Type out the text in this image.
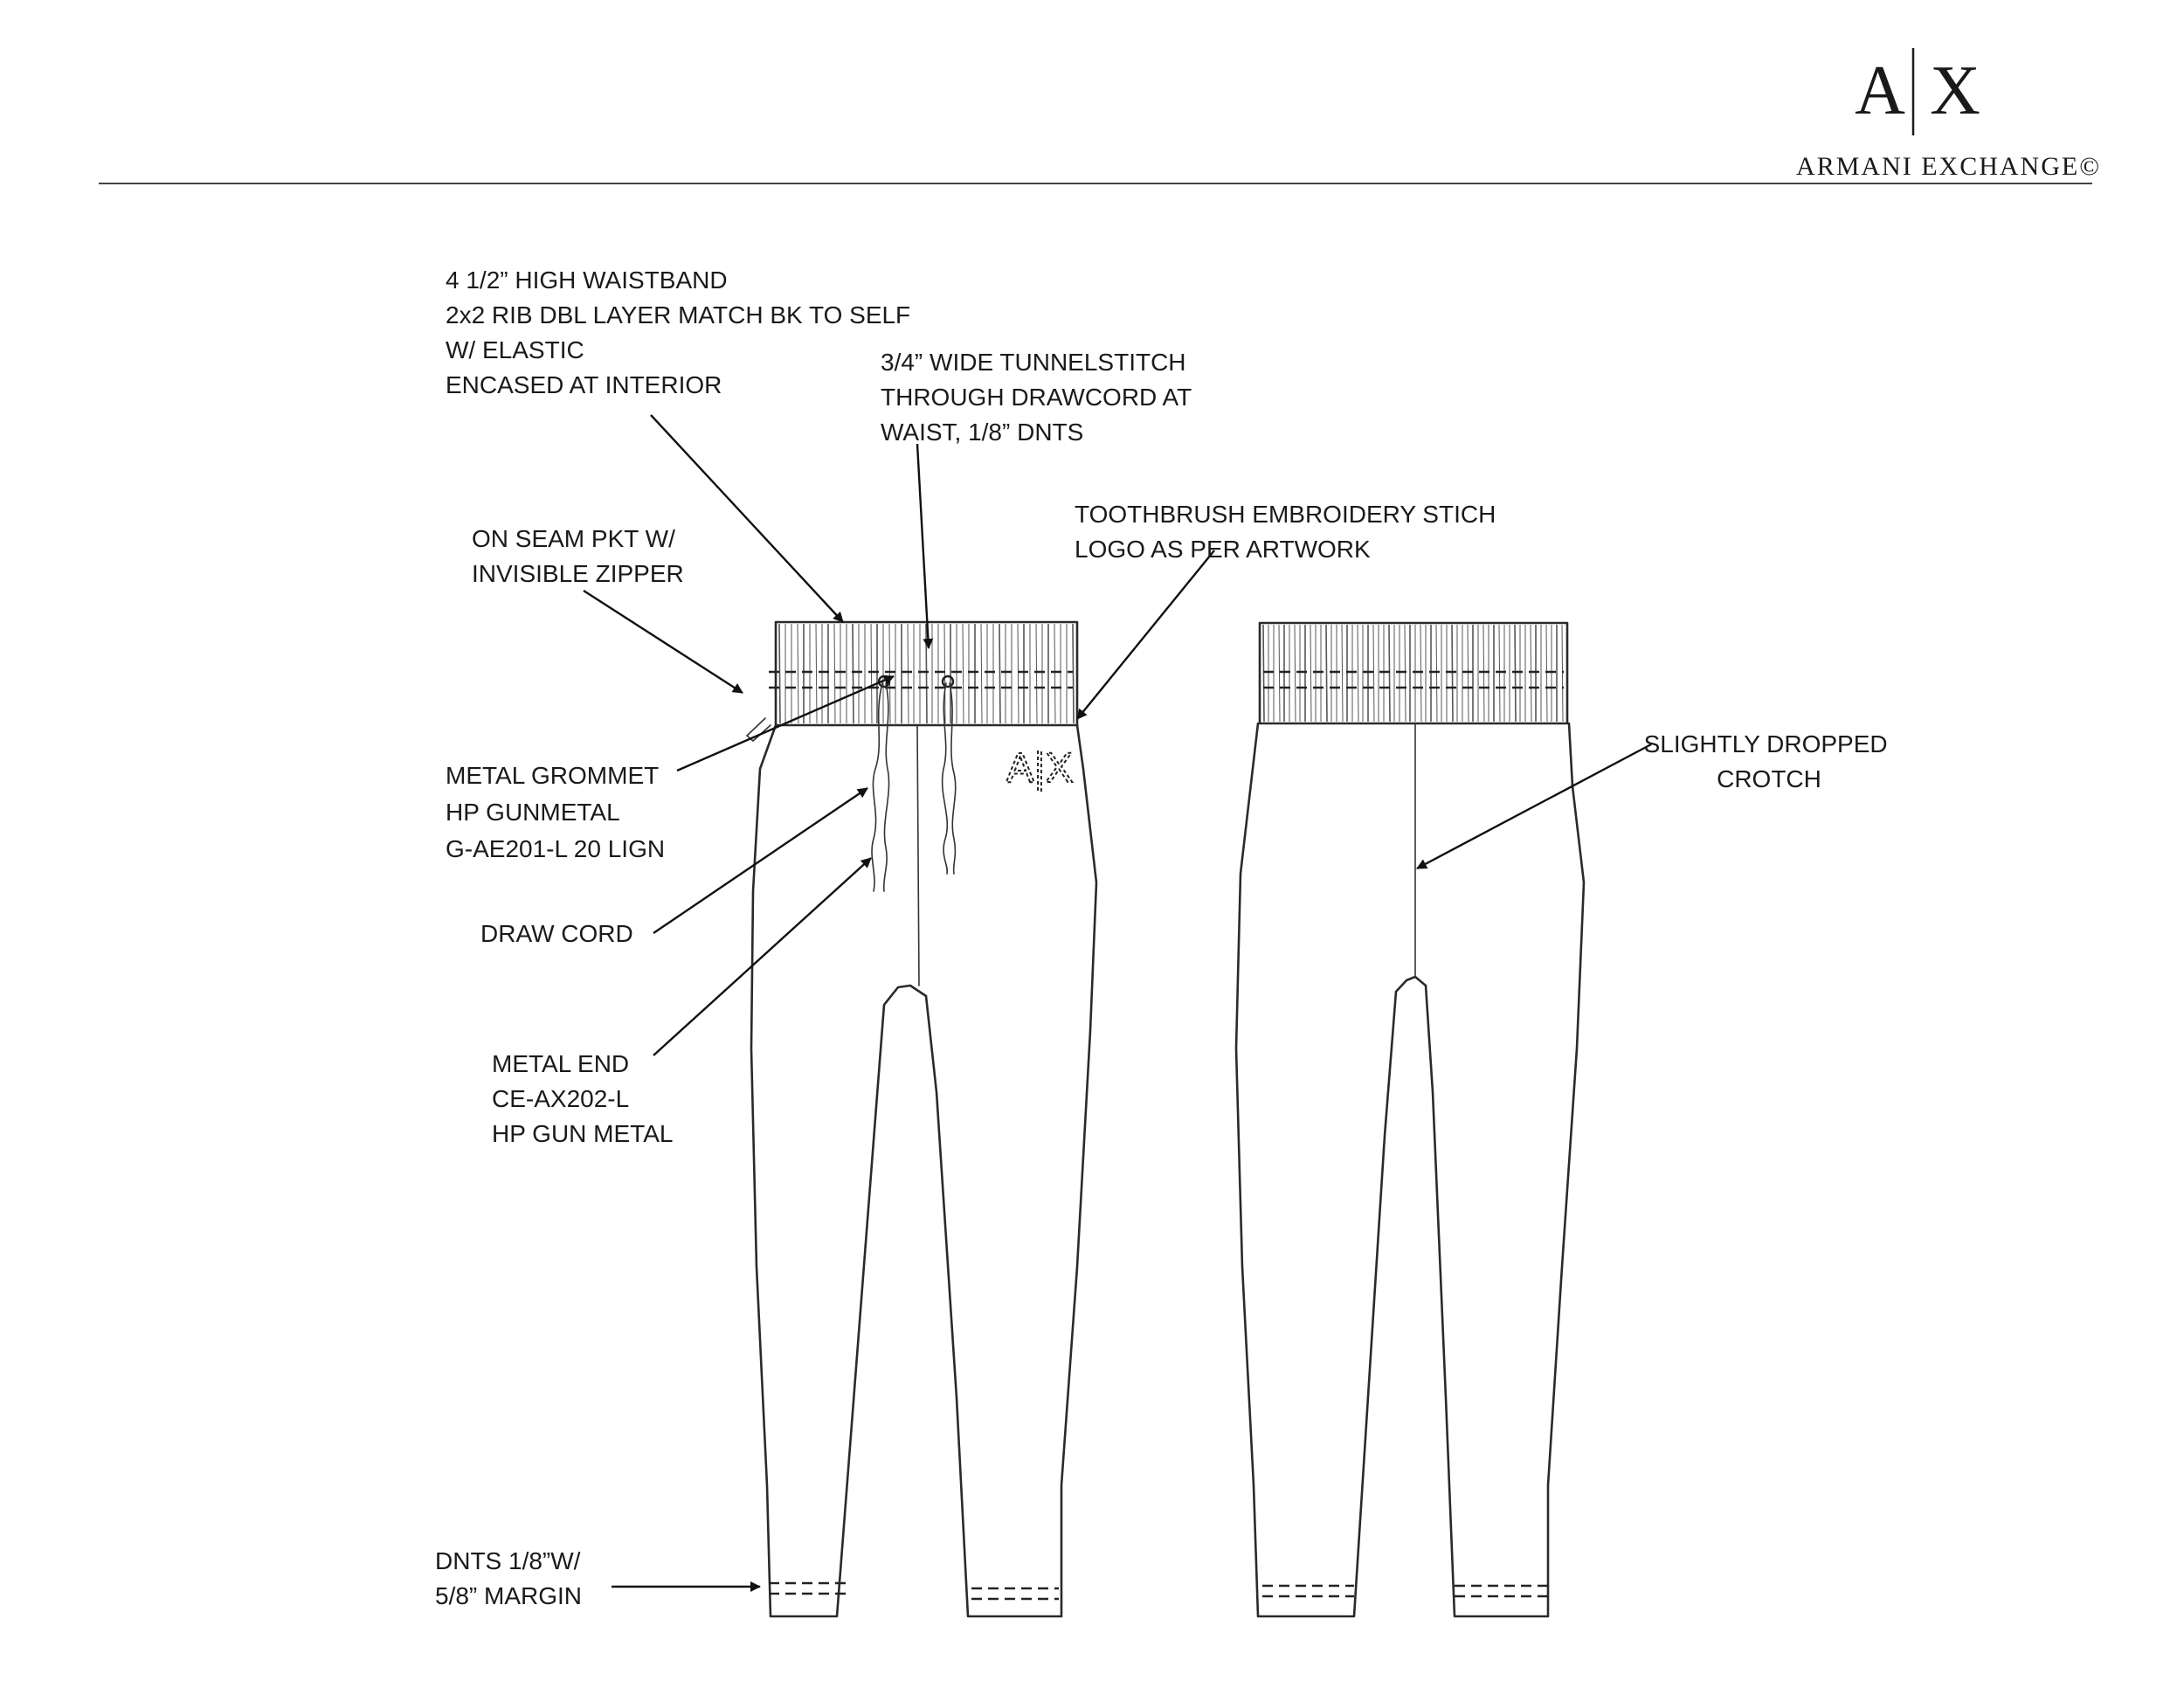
A X
ARMANI EXCHANGE©
A|X
4 1/2” HIGH WAISTBAND 2x2 RIB DBL LAYER MATCH BK TO SELF W/ ELASTIC ENCASED AT INTERIOR
3/4” WIDE TUNNELSTITCH THROUGH DRAWCORD AT WAIST, 1/8” DNTS
TOOTHBRUSH EMBROIDERY STICH LOGO AS PER ARTWORK
ON SEAM PKT W/ INVISIBLE ZIPPER
METAL GROMMET HP GUNMETAL G-AE201-L 20 LIGN
DRAW CORD
METAL END CE-AX202-L HP GUN METAL
SLIGHTLY DROPPED CROTCH
DNTS 1/8”W/ 5/8” MARGIN
